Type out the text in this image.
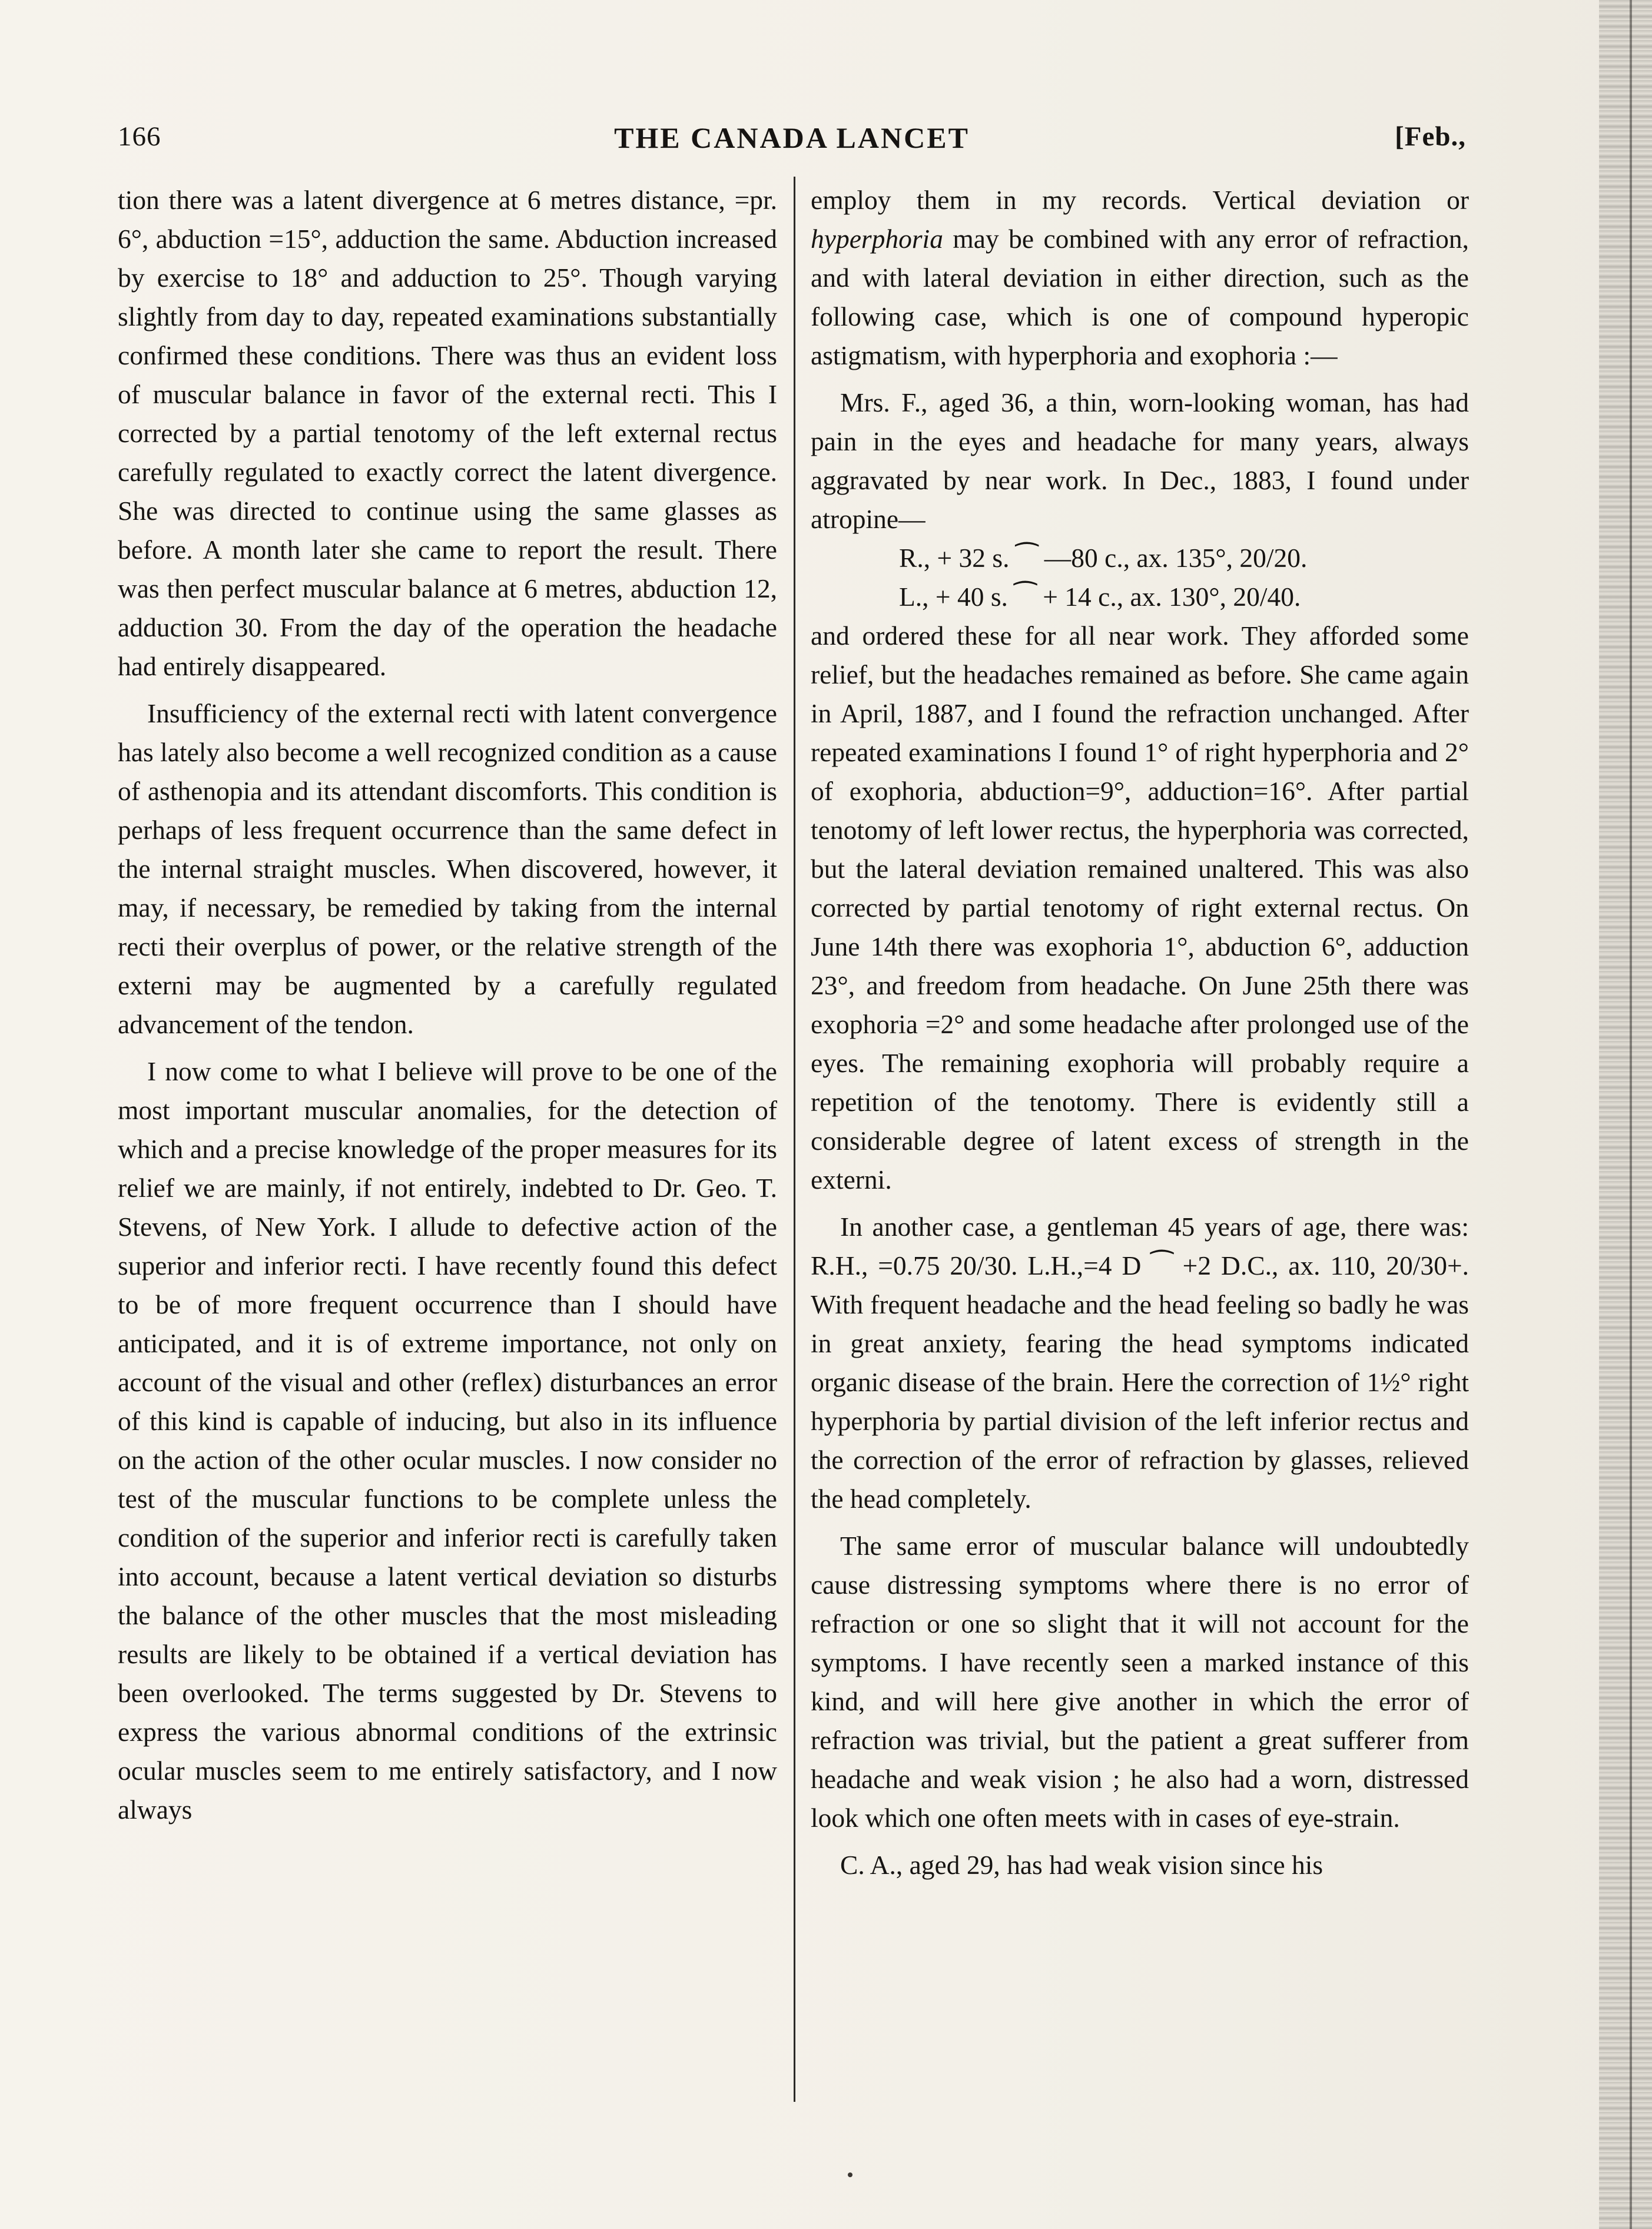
166	THE CANADA LANCET	[Feb.,

tion there was a latent divergence at 6 metres distance, =pr. 6°, abduction =15°, adduction the same. Abduction increased by exercise to 18° and adduction to 25°. Though varying slightly from day to day, repeated examinations substantially confirmed these conditions. There was thus an evident loss of muscular balance in favor of the external recti. This I corrected by a partial tenotomy of the left external rectus carefully regulated to exactly correct the latent divergence. She was directed to continue using the same glasses as before. A month later she came to report the result. There was then perfect muscular balance at 6 metres, abduction 12, adduction 30. From the day of the operation the headache had entirely disappeared.

Insufficiency of the external recti with latent convergence has lately also become a well recognized condition as a cause of asthenopia and its attendant discomforts. This condition is perhaps of less frequent occurrence than the same defect in the internal straight muscles. When discovered, however, it may, if necessary, be remedied by taking from the internal recti their overplus of power, or the relative strength of the externi may be augmented by a carefully regulated advancement of the tendon.

I now come to what I believe will prove to be one of the most important muscular anomalies, for the detection of which and a precise knowledge of the proper measures for its relief we are mainly, if not entirely, indebted to Dr. Geo. T. Stevens, of New York. I allude to defective action of the superior and inferior recti. I have recently found this defect to be of more frequent occurrence than I should have anticipated, and it is of extreme importance, not only on account of the visual and other (reflex) disturbances an error of this kind is capable of inducing, but also in its influence on the action of the other ocular muscles. I now consider no test of the muscular functions to be complete unless the condition of the superior and inferior recti is carefully taken into account, because a latent vertical deviation so disturbs the balance of the other muscles that the most misleading results are likely to be obtained if a vertical deviation has been overlooked. The terms suggested by Dr. Stevens to express the various abnormal conditions of the extrinsic ocular muscles seem to me entirely satisfactory, and I now always

employ them in my records. Vertical deviation or hyperphoria may be combined with any error of refraction, and with lateral deviation in either direction, such as the following case, which is one of compound hyperopic astigmatism, with hyperphoria and exophoria :—

Mrs. F., aged 36, a thin, worn-looking woman, has had pain in the eyes and headache for many years, always aggravated by near work. In Dec., 1883, I found under atropine—

R., + 32 s. ⁀ —80 c., ax. 135°, 20/20.
L., + 40 s. ⁀ + 14 c., ax. 130°, 20/40.

and ordered these for all near work. They afforded some relief, but the headaches remained as before. She came again in April, 1887, and I found the refraction unchanged. After repeated examinations I found 1° of right hyperphoria and 2° of exophoria, abduction=9°, adduction=16°. After partial tenotomy of left lower rectus, the hyperphoria was corrected, but the lateral deviation remained unaltered. This was also corrected by partial tenotomy of right external rectus. On June 14th there was exophoria 1°, abduction 6°, adduction 23°, and freedom from headache. On June 25th there was exophoria =2° and some headache after prolonged use of the eyes. The remaining exophoria will probably require a repetition of the tenotomy. There is evidently still a considerable degree of latent excess of strength in the externi.

In another case, a gentleman 45 years of age, there was: R.H., =0.75 20/30. L.H.,=4 D ⁀ +2 D.C., ax. 110, 20/30+. With frequent headache and the head feeling so badly he was in great anxiety, fearing the head symptoms indicated organic disease of the brain. Here the correction of 1½° right hyperphoria by partial division of the left inferior rectus and the correction of the error of refraction by glasses, relieved the head completely.

The same error of muscular balance will undoubtedly cause distressing symptoms where there is no error of refraction or one so slight that it will not account for the symptoms. I have recently seen a marked instance of this kind, and will here give another in which the error of refraction was trivial, but the patient a great sufferer from headache and weak vision ; he also had a worn, distressed look which one often meets with in cases of eye-strain.

C. A., aged 29, has had weak vision since his
